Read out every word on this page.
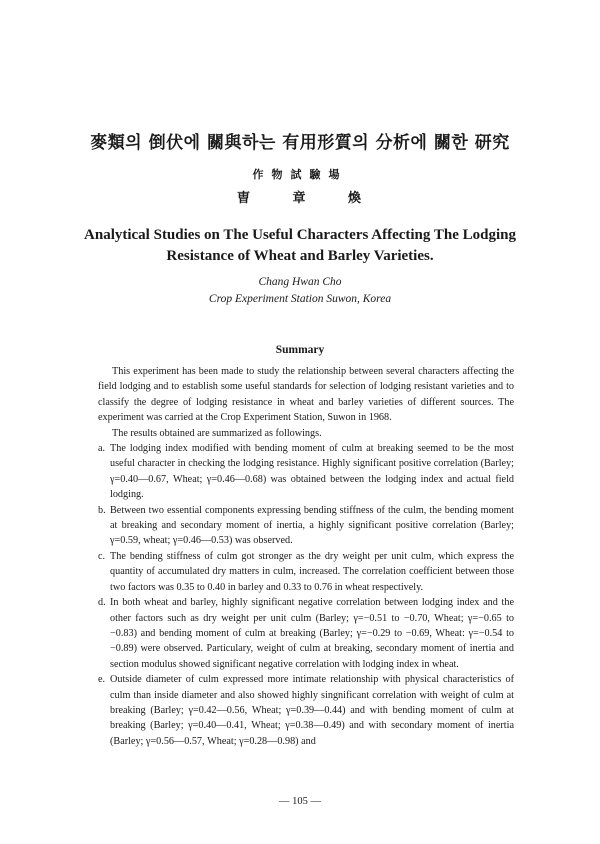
麥類의 倒伏에 關與하는 有用形質의 分析에 關한 研究
作物試驗場
曺 章 煥
Analytical Studies on The Useful Characters Affecting The Lodging Resistance of Wheat and Barley Varieties.
Chang Hwan Cho
Crop Experiment Station Suwon, Korea
Summary

This experiment has been made to study the relationship between several characters affecting the field lodging and to establish some useful standards for selection of lodging resistant varieties and to classify the degree of lodging resistance in wheat and barley varieties of different sources. The experiment was carried at the Crop Experiment Station, Suwon in 1968.

The results obtained are summarized as followings.

a. The lodging index modified with bending moment of culm at breaking seemed to be the most useful character in checking the lodging resistance. Highly significant positive correlation (Barley; γ=0.40—0.67, Wheat; γ=0.46—0.68) was obtained between the lodging index and actual field lodging.
b. Between two essential components expressing bending stiffness of the culm, the bending moment at breaking and secondary moment of inertia, a highly significant positive correlation (Barley; γ=0.59, wheat; γ=0.46—0.53) was observed.
c. The bending stiffness of culm got stronger as the dry weight per unit culm, which express the quantity of accumulated dry matters in culm, increased. The correlation coefficient between those two factors was 0.35 to 0.40 in barley and 0.33 to 0.76 in wheat respectively.
d. In both wheat and barley, highly significant negative correlation between lodging index and the other factors such as dry weight per unit culm (Barley; γ=−0.51 to −0.70, Wheat; γ=−0.65 to −0.83) and bending moment of culm at breaking (Barley; γ=−0.29 to −0.69, Wheat: γ=−0.54 to −0.89) were observed. Particulary, weight of culm at breaking, secondary moment of inertia and section modulus showed significant negative correlation with lodging index in wheat.
e. Outside diameter of culm expressed more intimate relationship with physical characteristics of culm than inside diameter and also showed highly singnificant correlation with weight of culm at breaking (Barley; γ=0.42—0.56, Wheat; γ=0.39—0.44) and with bending moment of culm at breaking (Barley; γ=0.40—0.41, Wheat; γ=0.38—0.49) and with secondary moment of inertia (Barley; γ=0.56—0.57, Wheat; γ=0.28—0.98) and
— 105 —
